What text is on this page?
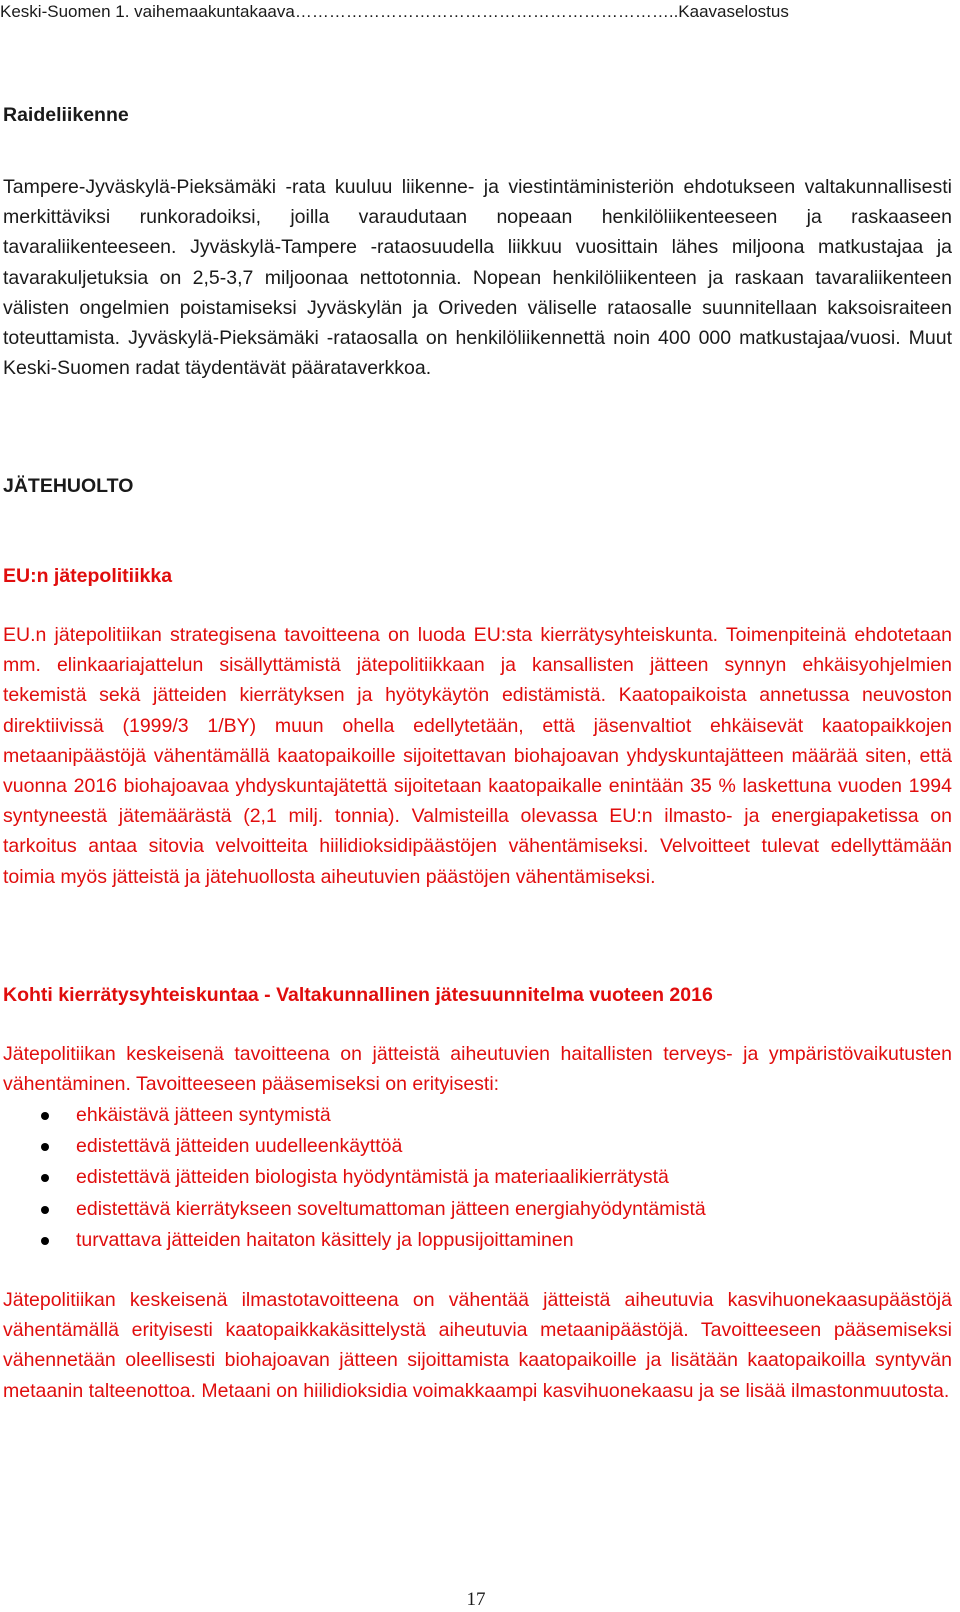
Keski-Suomen 1. vaihemaakuntakaava…………………………………………………………..Kaavaselostus
Raideliikenne

Tampere-Jyväskylä-Pieksämäki -rata kuuluu liikenne- ja viestintäministeriön ehdotukseen valtakunnallisesti merkittäviksi runkoradoiksi, joilla varaudutaan nopeaan henkilöliikenteeseen ja raskaaseen tavaraliikenteeseen. Jyväskylä-Tampere -rataosuudella liikkuu vuosittain lähes miljoona matkustajaa ja tavarakuljetuksia on 2,5-3,7 miljoonaa nettotonnia. Nopean henkilöliikenteen ja raskaan tavaraliikenteen välisten ongelmien poistamiseksi Jyväskylän ja Oriveden väliselle rataosalle suunnitellaan kaksoisraiteen toteuttamista. Jyväskylä-Pieksämäki -rataosalla on henkilöliikennettä noin 400 000 matkustajaa/vuosi. Muut Keski-Suomen radat täydentävät päärataverkkoa.

JÄTEHUOLTO
EU:n jätepolitiikka

EU.n jätepolitiikan strategisena tavoitteena on luoda EU:sta kierrätysyhteiskunta. Toimenpiteinä ehdotetaan mm. elinkaariajattelun sisällyttämistä jätepolitiikkaan ja kansallisten jätteen synnyn ehkäisyohjelmien tekemistä sekä jätteiden kierrätyksen ja hyötykäytön edistämistä. Kaatopaikoista annetussa neuvoston direktiivissä (1999/3 1/BY) muun ohella edellytetään, että jäsenvaltiot ehkäisevät kaatopaikkojen metaanipäästöjä vähentämällä kaatopaikoille sijoitettavan biohajoavan yhdyskuntajätteen määrää siten, että vuonna 2016 biohajoavaa yhdyskuntajätettä sijoitetaan kaatopaikalle enintään 35 % laskettuna vuoden 1994 syntyneestä jätemäärästä (2,1 milj. tonnia). Valmisteilla olevassa EU:n ilmasto- ja energiapaketissa on tarkoitus antaa sitovia velvoitteita hiilidioksidipäästöjen vähentämiseksi. Velvoitteet tulevat edellyttämään toimia myös jätteistä ja jätehuollosta aiheutuvien päästöjen vähentämiseksi.

Kohti kierrätysyhteiskuntaa - Valtakunnallinen jätesuunnitelma vuoteen 2016

Jätepolitiikan keskeisenä tavoitteena on jätteistä aiheutuvien haitallisten terveys- ja ympäristövaikutusten vähentäminen. Tavoitteeseen pääsemiseksi on erityisesti:

ehkäistävä jätteen syntymistä
edistettävä jätteiden uudelleenkäyttöä
edistettävä jätteiden biologista hyödyntämistä ja materiaalikierrätystä
edistettävä kierrätykseen soveltumattoman jätteen energiahyödyntämistä
turvattava jätteiden haitaton käsittely ja loppusijoittaminen

Jätepolitiikan keskeisenä ilmastotavoitteena on vähentää jätteistä aiheutuvia kasvihuonekaasupäästöjä vähentämällä erityisesti kaatopaikkakäsittelystä aiheutuvia metaanipäästöjä. Tavoitteeseen pääsemiseksi vähennetään oleellisesti biohajoavan jätteen sijoittamista kaatopaikoille ja lisätään kaatopaikoilla syntyvän metaanin talteenottoa. Metaani on hiilidioksidia voimakkaampi kasvihuonekaasu ja se lisää ilmastonmuutosta.

17
